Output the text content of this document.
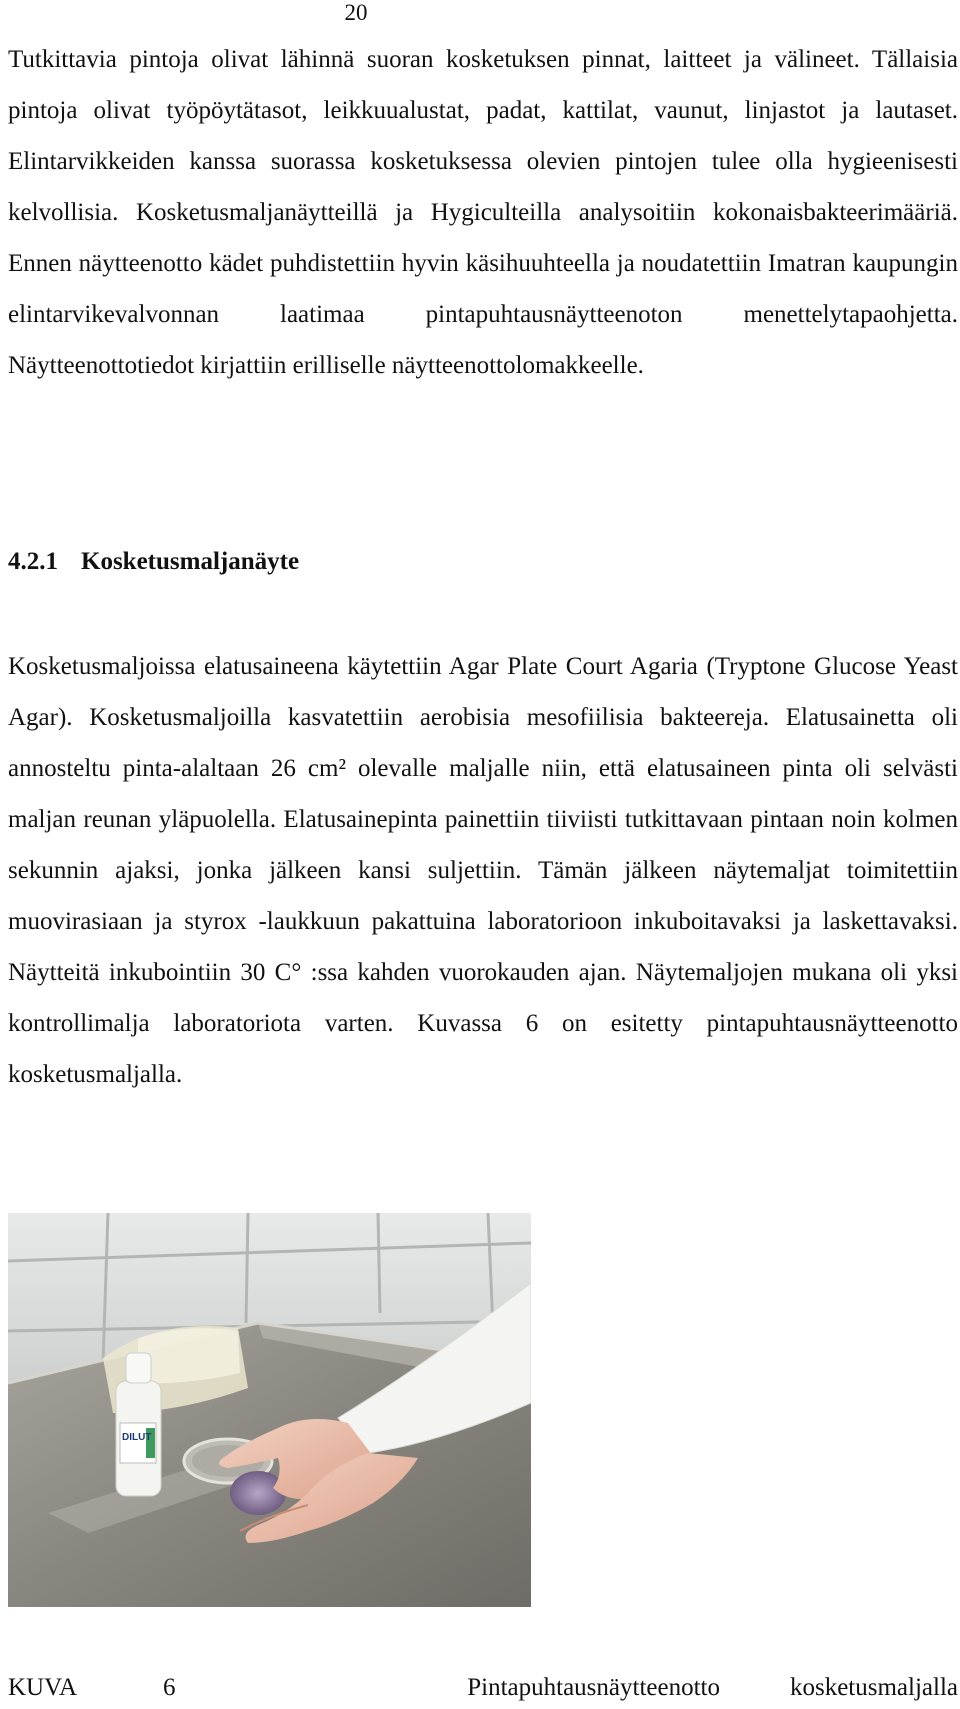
20

Tutkittavia pintoja olivat lähinnä suoran kosketuksen pinnat, laitteet ja välineet. Tällaisia pintoja olivat työpöytätasot, leikkuualustat, padat, kattilat, vaunut, linjastot ja lautaset. Elintarvikkeiden kanssa suorassa kosketuksessa olevien pintojen tulee olla hygieenisesti kelvollisia. Kosketusmaljanäytteillä ja Hygiculteilla analysoitiin kokonaisbakteerimääriä. Ennen näytteenotto kädet puhdistettiin hyvin käsihuuhteella ja noudatettiin Imatran kaupungin elintarvikevalvonnan laatimaa pintapuhtausnäytteenoton menettelytapaohjetta. Näytteenottotiedot kirjattiin erilliselle näytteenottolomakkeelle.

4.2.1 Kosketusmaljanäyte

Kosketusmaljoissa elatusaineena käytettiin Agar Plate Court Agaria (Tryptone Glucose Yeast Agar). Kosketusmaljoilla kasvatettiin aerobisia mesofiilisia bakteereja. Elatusainetta oli annosteltu pinta-alaltaan 26 cm² olevalle maljalle niin, että elatusaineen pinta oli selvästi maljan reunan yläpuolella. Elatusainepinta painettiin tiiviisti tutkittavaan pintaan noin kolmen sekunnin ajaksi, jonka jälkeen kansi suljettiin. Tämän jälkeen näytemaljat toimitettiin muovirasiaan ja styrox -laukkuun pakattuina laboratorioon inkuboitavaksi ja laskettavaksi. Näytteitä inkubointiin 30 C° :ssa kahden vuorokauden ajan. Näytemaljojen mukana oli yksi kontrollimalja laboratoriota varten. Kuvassa 6 on esitetty pintapuhtausnäytteenotto kosketusmaljalla.

DILUT
KUVA	6	Pintapuhtausnäytteenotto	kosketusmaljalla
